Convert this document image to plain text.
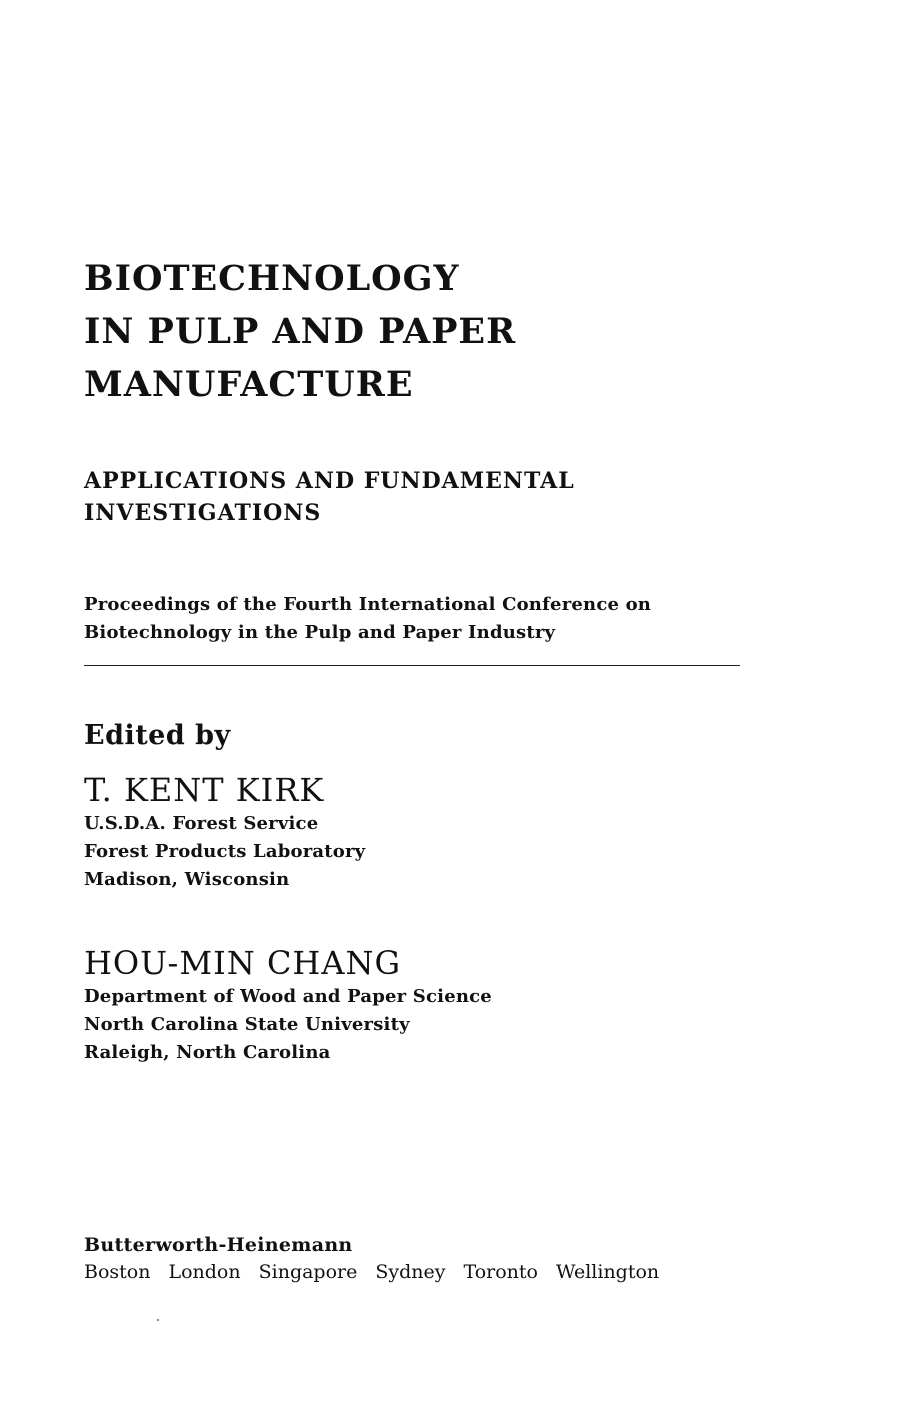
BIOTECHNOLOGY
IN PULP AND PAPER
MANUFACTURE
APPLICATIONS AND FUNDAMENTAL
INVESTIGATIONS
Proceedings of the Fourth International Conference on
Biotechnology in the Pulp and Paper Industry
Edited by
T. KENT KIRK
U.S.D.A. Forest Service
Forest Products Laboratory
Madison, Wisconsin
HOU-MIN CHANG
Department of Wood and Paper Science
North Carolina State University
Raleigh, North Carolina
Butterworth-Heinemann
Boston London Singapore Sydney Toronto Wellington
